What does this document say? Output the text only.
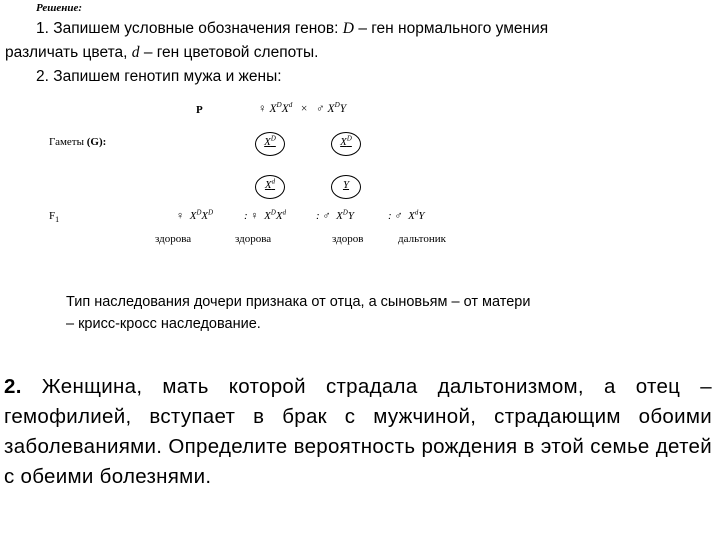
Решение:
1. Запишем условные обозначения генов: D – ген нормального умения
различать цвета, d – ген цветовой слепоты.
2. Запишем генотип мужа и жены:
P	♀ $X^DX^d$ × ♂ $X^DY$
Гаметы (G):	$X^D$	$X^D$
$X^d$	Y
$F_1$	♀  $X^DX^D$	: ♀  $X^DX^d$	: ♂  $X^DY$	: ♂  $X^dY$
здорова	здорова	здоров	дальтоник
Тип наследования дочери признака от отца, а сыновьям – от матери
– крисс-кросс наследование.
2. Женщина, мать которой страдала дальтонизмом, а отец – гемофилией, вступает в брак с мужчиной, страдающим обоими заболеваниями. Определите вероятность рождения в этой семье детей с обеими болезнями.
